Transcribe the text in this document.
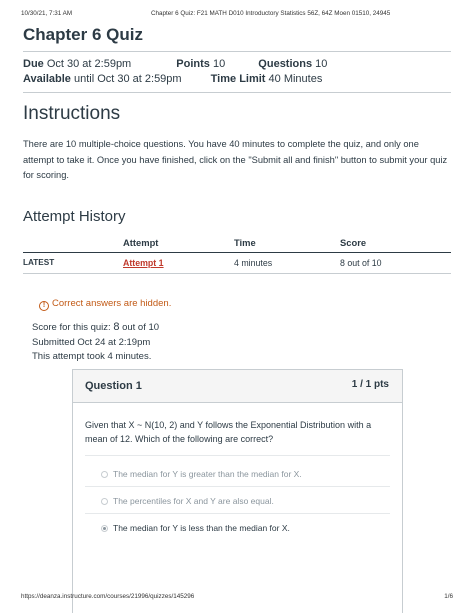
10/30/21, 7:31 AM	Chapter 6 Quiz: F21 MATH D010 Introductory Statistics 56Z, 64Z Moen 01510, 24945
Chapter 6 Quiz
Due Oct 30 at 2:59pm	Points 10	Questions 10
Available until Oct 30 at 2:59pm	Time Limit 40 Minutes
Instructions
There are 10 multiple-choice questions. You have 40 minutes to complete the quiz, and only one
attempt to take it. Once you have finished, click on the "Submit all and finish" button to submit your quiz
for scoring.
Attempt History
	Attempt	Time	Score
LATEST	Attempt 1	4 minutes	8 out of 10
! Correct answers are hidden.
Score for this quiz: 8 out of 10
Submitted Oct 24 at 2:19pm
This attempt took 4 minutes.
Question 1	1 / 1 pts
Given that X ~ N(10, 2) and Y follows the Exponential Distribution with a
mean of 12. Which of the following are correct?
The median for Y is greater than the median for X.
The percentiles for X and Y are also equal.
The median for Y is less than the median for X.
https://deanza.instructure.com/courses/21996/quizzes/145296	1/6
